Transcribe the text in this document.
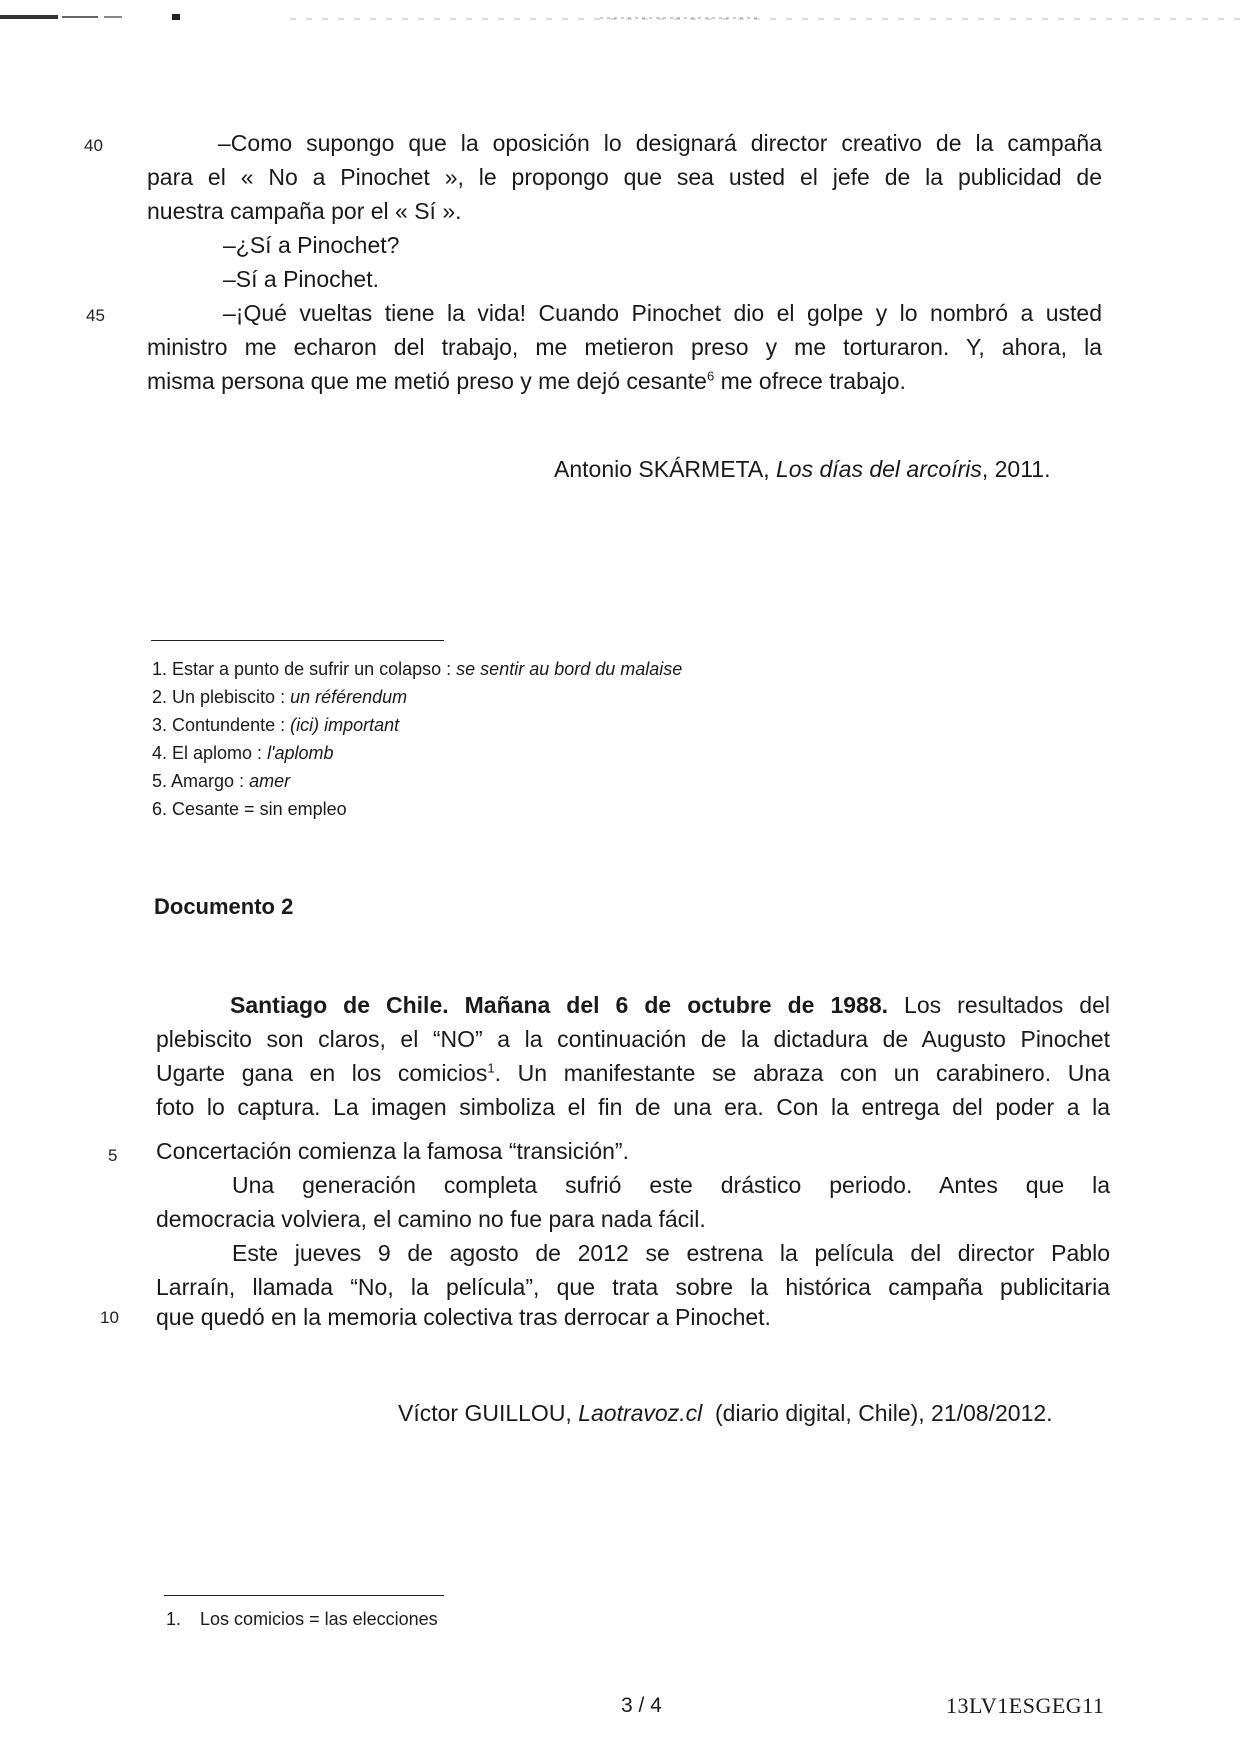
40
45
–Como supongo que la oposición lo designará director creativo de la campaña
para el « No a Pinochet », le propongo que sea usted el jefe de la publicidad de
nuestra campaña por el « Sí ».
–¿Sí a Pinochet?
–Sí a Pinochet.
–¡Qué vueltas tiene la vida! Cuando Pinochet dio el golpe y lo nombró a usted
ministro me echaron del trabajo, me metieron preso y me torturaron. Y, ahora, la
misma persona que me metió preso y me dejó cesante$^6$ me ofrece trabajo.
Antonio SKÁRMETA, Los días del arcoíris, 2011.
1. Estar a punto de sufrir un colapso : se sentir au bord du malaise
2. Un plebiscito : un référendum
3. Contundente : (ici) important
4. El aplomo : l'aplomb
5. Amargo : amer
6. Cesante = sin empleo
Documento 2
5
10
Santiago de Chile. Mañana del 6 de octubre de 1988. Los resultados del
plebiscito son claros, el “NO” a la continuación de la dictadura de Augusto Pinochet
Ugarte gana en los comicios$^1$. Un manifestante se abraza con un carabinero. Una
foto lo captura. La imagen simboliza el fin de una era. Con la entrega del poder a la
Concertación comienza la famosa “transición”.
Una generación completa sufrió este drástico periodo. Antes que la
democracia volviera, el camino no fue para nada fácil.
Este jueves 9 de agosto de 2012 se estrena la película del director Pablo
Larraín, llamada “No, la película”, que trata sobre la histórica campaña publicitaria
que quedó en la memoria colectiva tras derrocar a Pinochet.
Víctor GUILLOU, Laotravoz.cl  (diario digital, Chile), 21/08/2012.
1. Los comicios = las elecciones
3 / 4	13LV1ESGEG11
